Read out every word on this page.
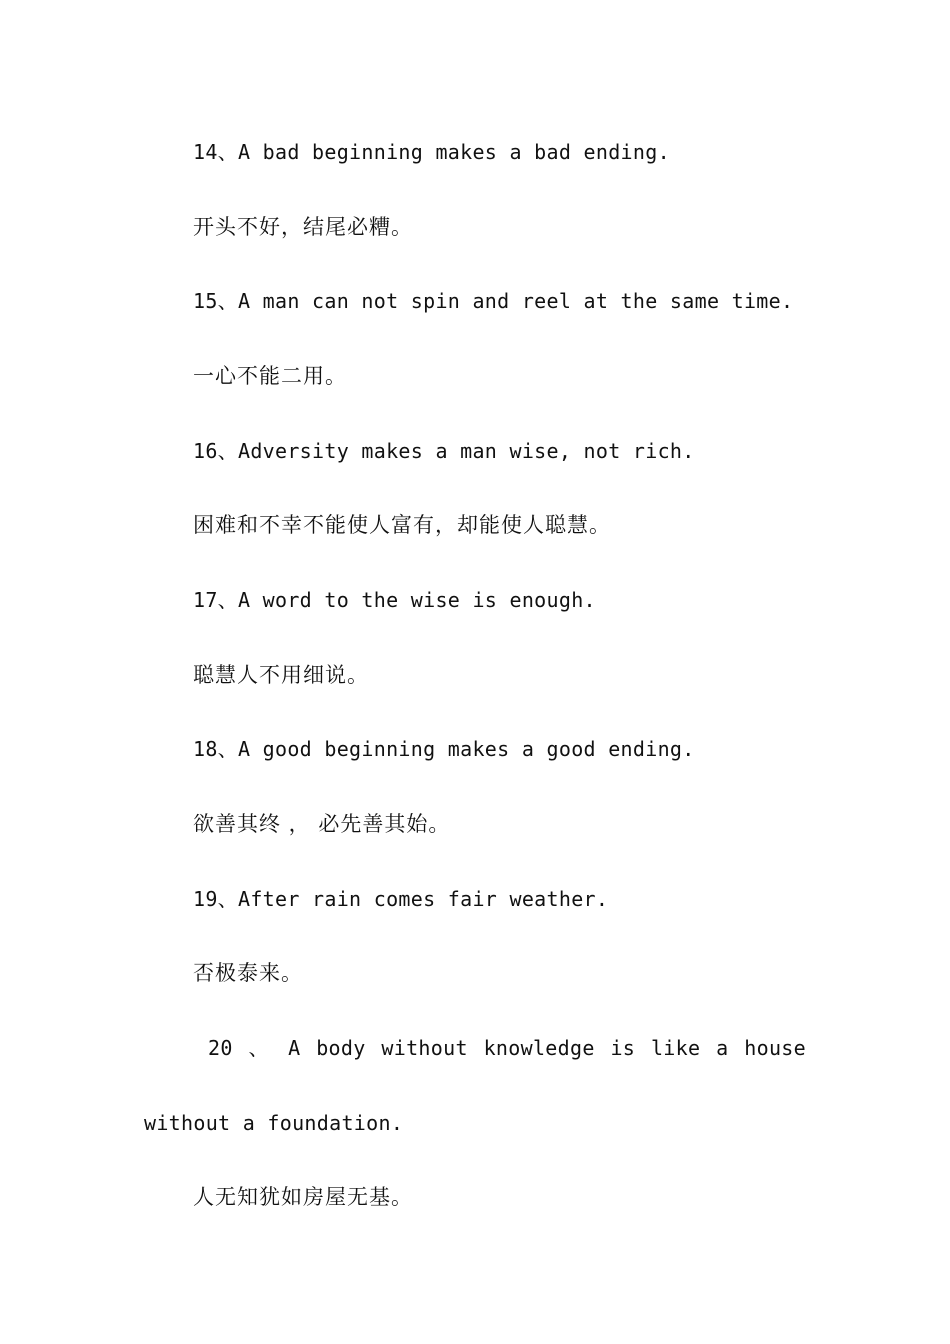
14、A bad beginning makes a bad ending.
开头不好，结尾必糟。
15、A man can not spin and reel at the same time.
一心不能二用。
16、Adversity makes a man wise, not rich.
困难和不幸不能使人富有，却能使人聪慧。
17、A word to the wise is enough.
聪慧人不用细说。
18、A good beginning makes a good ending.
欲善其终 ， 必先善其始。
19、After rain comes fair weather.
否极泰来。
20 、 A body without knowledge is like a house
without a foundation.
人无知犹如房屋无基。
